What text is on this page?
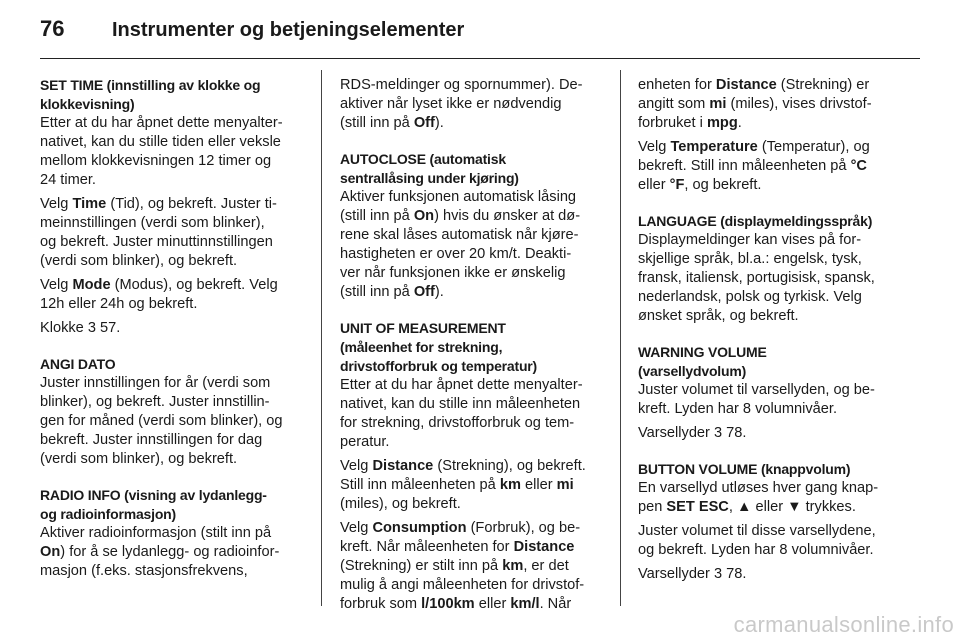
76	Instrumenter og betjeningselementer
SET TIME (innstilling av klokke og
klokkevisning)
Etter at du har åpnet dette menyalter-
nativet, kan du stille tiden eller veksle
mellom klokkevisningen 12 timer og
24 timer.
Velg Time (Tid), og bekreft. Juster ti-
meinnstillingen (verdi som blinker),
og bekreft. Juster minuttinnstillingen
(verdi som blinker), og bekreft.
Velg Mode (Modus), og bekreft. Velg
12h eller 24h og bekreft.
Klokke 3 57.
ANGI DATO
Juster innstillingen for år (verdi som
blinker), og bekreft. Juster innstillin-
gen for måned (verdi som blinker), og
bekreft. Juster innstillingen for dag
(verdi som blinker), og bekreft.
RADIO INFO (visning av lydanlegg-
og radioinformasjon)
Aktiver radioinformasjon (stilt inn på
On) for å se lydanlegg- og radioinfor-
masjon (f.eks. stasjonsfrekvens,
RDS-meldinger og spornummer). De-
aktiver når lyset ikke er nødvendig
(still inn på Off).
AUTOCLOSE (automatisk
sentrallåsing under kjøring)
Aktiver funksjonen automatisk låsing
(still inn på On) hvis du ønsker at dø-
rene skal låses automatisk når kjøre-
hastigheten er over 20 km/t. Deakti-
ver når funksjonen ikke er ønskelig
(still inn på Off).
UNIT OF MEASUREMENT
(måleenhet for strekning,
drivstofforbruk og temperatur)
Etter at du har åpnet dette menyalter-
nativet, kan du stille inn måleenheten
for strekning, drivstofforbruk og tem-
peratur.
Velg Distance (Strekning), og bekreft.
Still inn måleenheten på km eller mi
(miles), og bekreft.
Velg Consumption (Forbruk), og be-
kreft. Når måleenheten for Distance
(Strekning) er stilt inn på km, er det
mulig å angi måleenheten for drivstof-
forbruk som l/100km eller km/l. Når
enheten for Distance (Strekning) er
angitt som mi (miles), vises drivstof-
forbruket i mpg.
Velg Temperature (Temperatur), og
bekreft. Still inn måleenheten på °C
eller °F, og bekreft.
LANGUAGE (displaymeldingsspråk)
Displaymeldinger kan vises på for-
skjellige språk, bl.a.: engelsk, tysk,
fransk, italiensk, portugisisk, spansk,
nederlandsk, polsk og tyrkisk. Velg
ønsket språk, og bekreft.
WARNING VOLUME
(varsellydvolum)
Juster volumet til varsellyden, og be-
kreft. Lyden har 8 volumnivåer.
Varsellyder 3 78.
BUTTON VOLUME (knappvolum)
En varsellyd utløses hver gang knap-
pen SET ESC, ▲ eller ▼ trykkes.
Juster volumet til disse varsellydene,
og bekreft. Lyden har 8 volumnivåer.
Varsellyder 3 78.
carmanualsonline.info
